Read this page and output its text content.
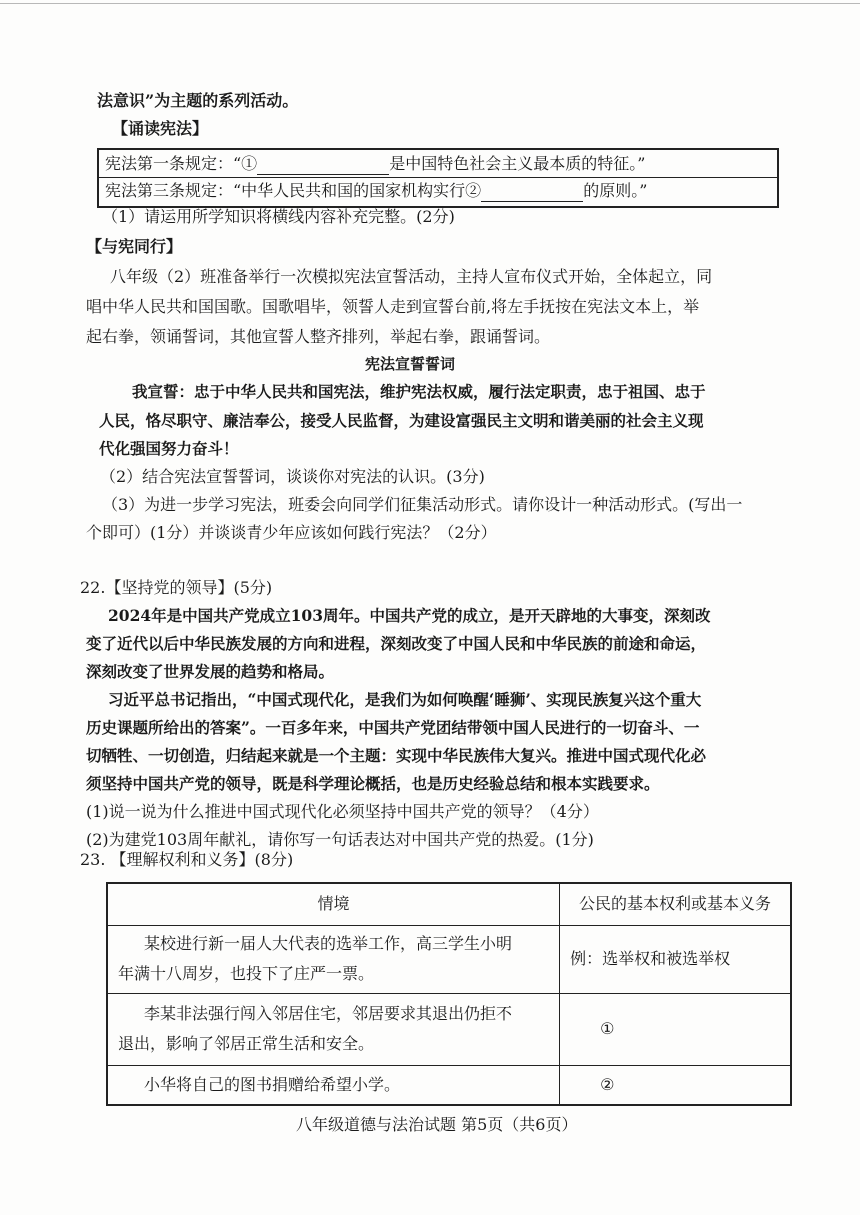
法意识”为主题的系列活动。
【诵读宪法】
宪法第一条规定：“①	是中国特色社会主义最本质的特征。”
宪法第三条规定：“中华人民共和国的国家机构实行②	的原则。”
（1）请运用所学知识将横线内容补充完整。(2分)
【与宪同行】
八年级（2）班准备举行一次模拟宪法宣誓活动，主持人宣布仪式开始，全体起立，同
唱中华人民共和国国歌。国歌唱毕，领誓人走到宣誓台前,将左手抚按在宪法文本上，举
起右拳，领诵誓词，其他宣誓人整齐排列，举起右拳，跟诵誓词。
宪法宣誓誓词
我宣誓：忠于中华人民共和国宪法，维护宪法权威，履行法定职责，忠于祖国、忠于
人民，恪尽职守、廉洁奉公，接受人民监督，为建设富强民主文明和谐美丽的社会主义现
代化强国努力奋斗！
（2）结合宪法宣誓誓词，谈谈你对宪法的认识。(3分)
（3）为进一步学习宪法，班委会向同学们征集活动形式。请你设计一种活动形式。(写出一
个即可）(1分）并谈谈青少年应该如何践行宪法？（2分）
22.【坚持党的领导】(5分)
2024年是中国共产党成立103周年。中国共产党的成立，是开天辟地的大事变，深刻改
变了近代以后中华民族发展的方向和进程，深刻改变了中国人民和中华民族的前途和命运，
深刻改变了世界发展的趋势和格局。
习近平总书记指出，“中国式现代化，是我们为如何唤醒‘睡狮’、实现民族复兴这个重大
历史课题所给出的答案”。一百多年来，中国共产党团结带领中国人民进行的一切奋斗、一
切牺牲、一切创造，归结起来就是一个主题：实现中华民族伟大复兴。推进中国式现代化必
须坚持中国共产党的领导，既是科学理论概括，也是历史经验总结和根本实践要求。
(1)说一说为什么推进中国式现代化必须坚持中国共产党的领导？（4分）
(2)为建党103周年献礼，请你写一句话表达对中国共产党的热爱。(1分)
23. 【理解权利和义务】(8分)
情境	公民的基本权利或基本义务

某校进行新一届人大代表的选举工作，高三学生小明
年满十八周岁，也投下了庄严一票。	例：选举权和被选举权

李某非法强行闯入邻居住宅，邻居要求其退出仍拒不
退出，影响了邻居正常生活和安全。	①

小华将自己的图书捐赠给希望小学。	②
八年级道德与法治试题 第5页（共6页）
